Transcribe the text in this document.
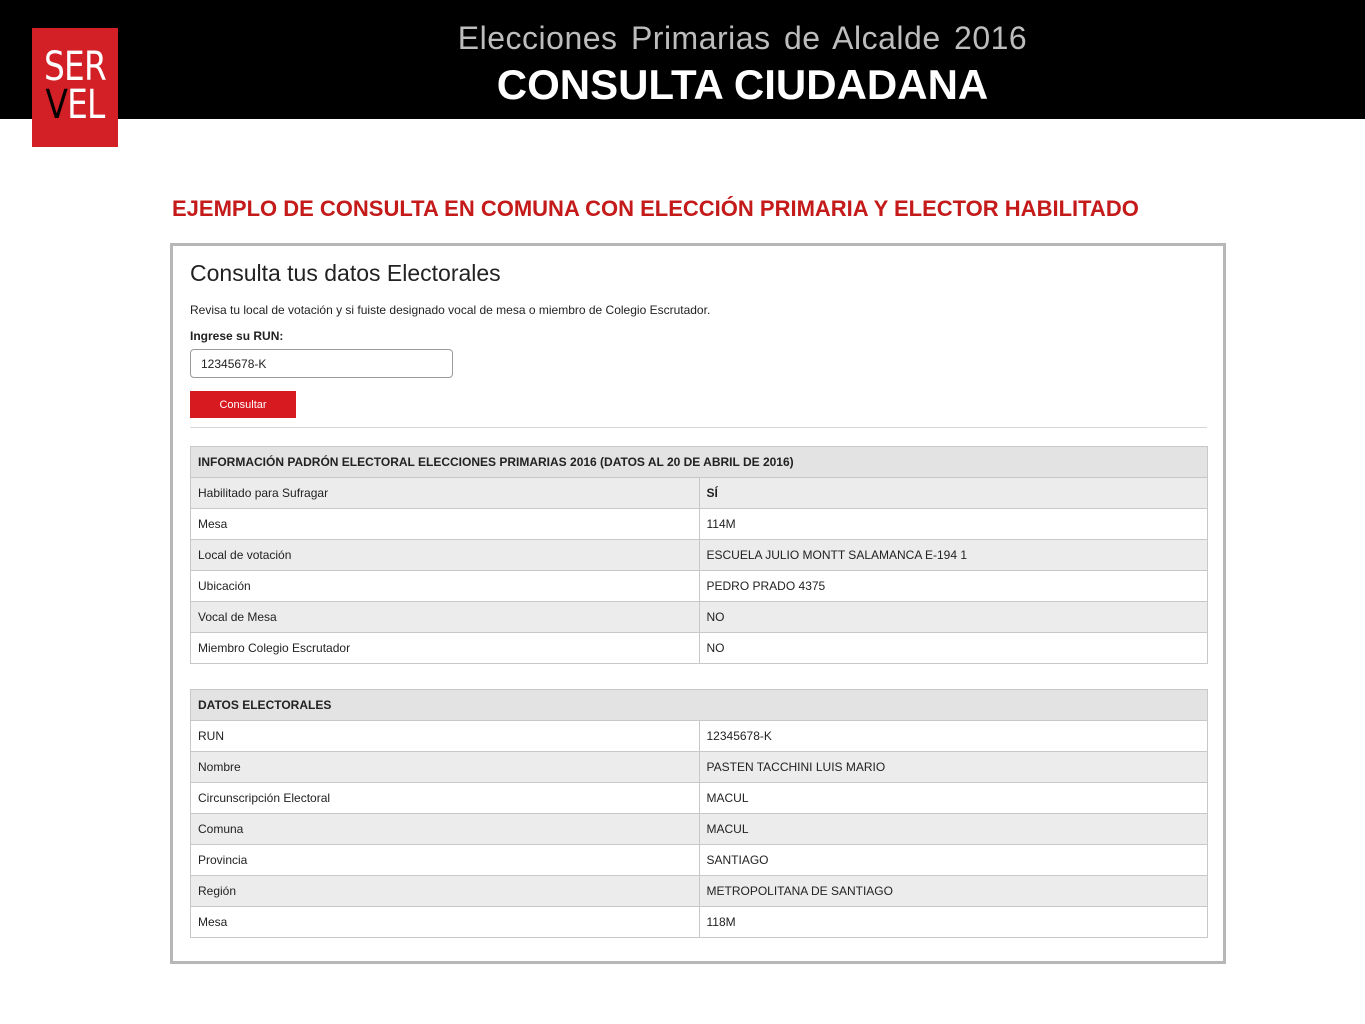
SER
VEL
Elecciones Primarias de Alcalde 2016
CONSULTA CIUDADANA
EJEMPLO DE CONSULTA EN COMUNA CON ELECCIÓN PRIMARIA Y ELECTOR HABILITADO
Consulta tus datos Electorales
Revisa tu local de votación y si fuiste designado vocal de mesa o miembro de Colegio Escrutador.
Ingrese su RUN:
12345678-K
Consultar
INFORMACIÓN PADRÓN ELECTORAL ELECCIONES PRIMARIAS 2016 (DATOS AL 20 DE ABRIL DE 2016)	
Habilitado para Sufragar	SÍ
Mesa	114M
Local de votación	ESCUELA JULIO MONTT SALAMANCA E-194 1
Ubicación	PEDRO PRADO 4375
Vocal de Mesa	NO
Miembro Colegio Escrutador	NO
DATOS ELECTORALES	
RUN	12345678-K
Nombre	PASTEN TACCHINI LUIS MARIO
Circunscripción Electoral	MACUL
Comuna	MACUL
Provincia	SANTIAGO
Región	METROPOLITANA DE SANTIAGO
Mesa	118M
